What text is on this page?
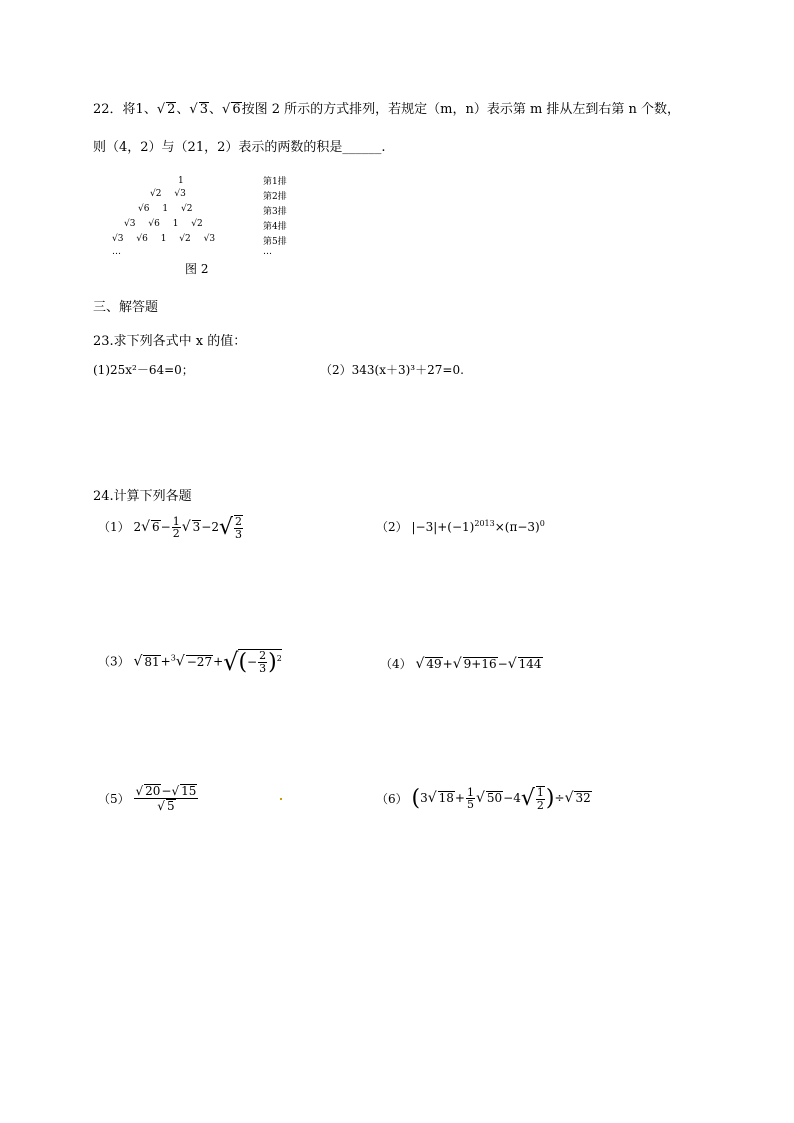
22．将1、√ 2、√ 3、√ 6按图 2 所示的方式排列，若规定（m，n）表示第 m 排从左到右第 n 个数，
则（4，2）与（21，2）表示的两数的积是______.
1
√2 √3
√6 1 √2
√3 √6 1 √2
√3 √6 1 √2 √3
…
第1排
第2排
第3排
第4排
第5排
…
图 2
三、解答题
23.求下列各式中 x 的值：
(1)25x²－64=0；	（2）343(x＋3)³＋27=0.
24.计算下列各题
（1） 2√ $6- \frac{1}{2}$ √ $3-2√ \frac{2}{3}$	（2） $|-3|+(-1)^{2013}\times(\pi-3)^0$
（3） √ $81+^3√ -27+√(- \frac{2}{3} )^2$	（4） √ 49+√ 9+16−√ 144
$(5) \frac{√ 20-√ 15}{√ 5}$	（6） (3√ $18+ \frac{1}{5}$ √ $50-4√ \frac{1}{2}$ )÷√ 32
